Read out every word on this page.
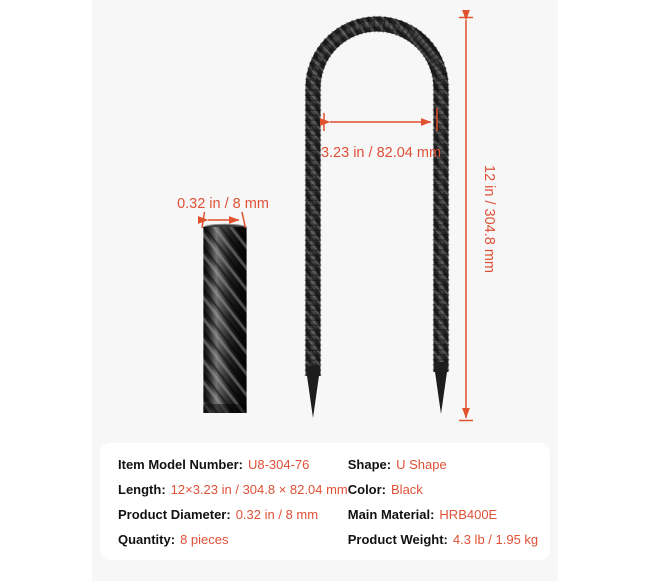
0.32 in / 8 mm
3.23 in / 82.04 mm
12 in / 304.8 mm
Item Model Number: U8-304-76
Length: 12×3.23 in / 304.8 × 82.04 mm
Product Diameter: 0.32 in / 8 mm
Quantity: 8 pieces
Shape: U Shape
Color: Black
Main Material: HRB400E
Product Weight: 4.3 lb / 1.95 kg
